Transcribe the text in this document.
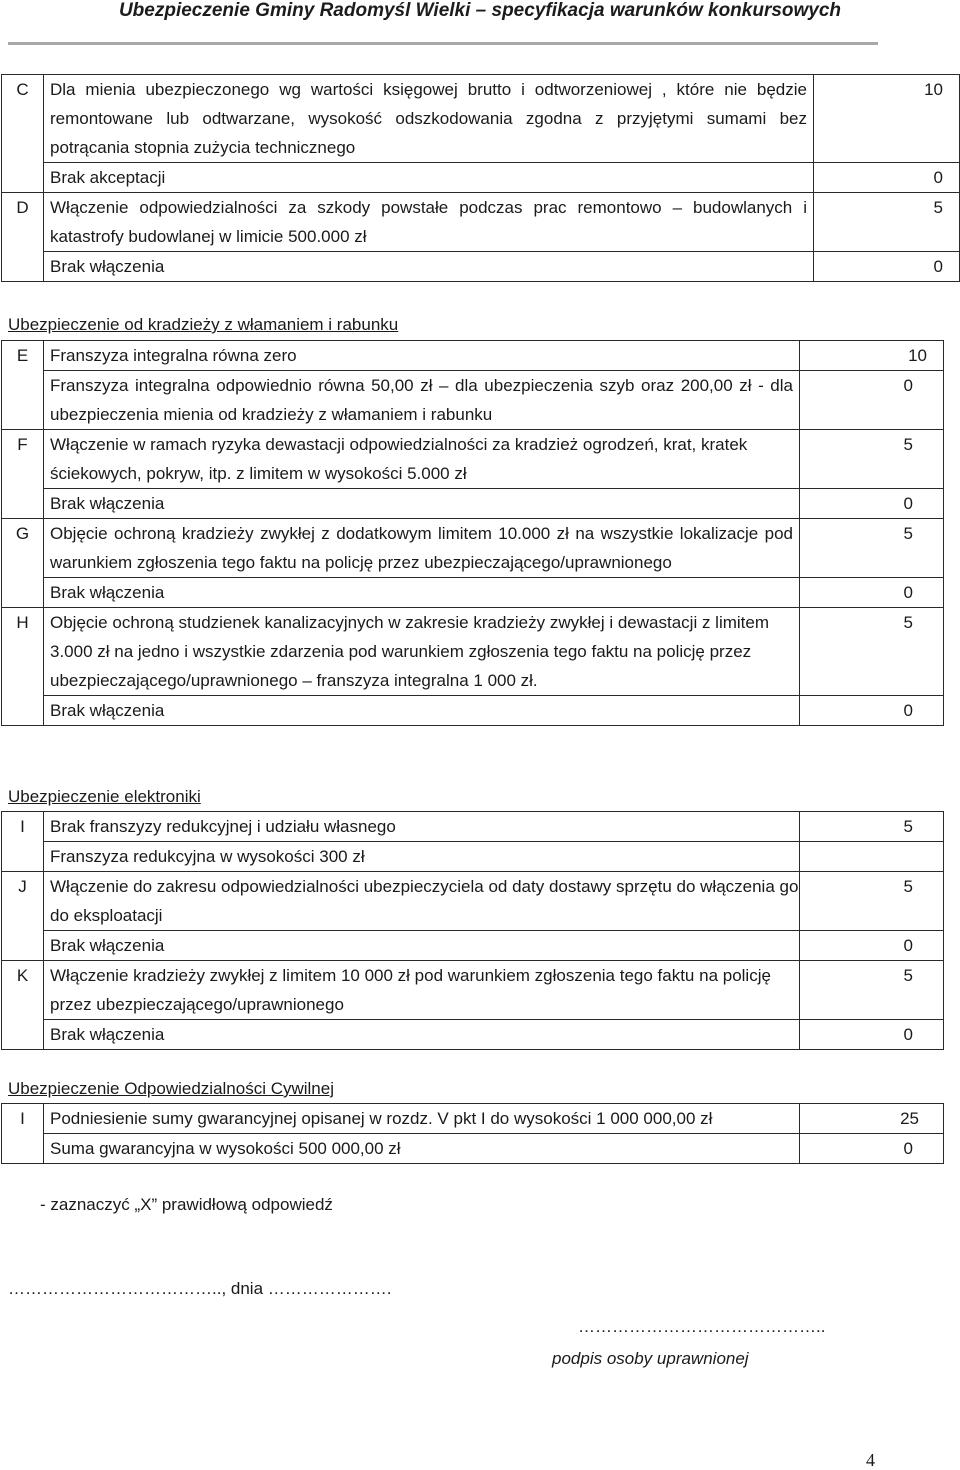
Ubezpieczenie Gminy Radomyśl Wielki – specyfikacja warunków konkursowych
C	Dla mienia ubezpieczonego wg wartości księgowej brutto i odtworzeniowej , które nie będzie remontowane lub odtwarzane, wysokość odszkodowania zgodna z przyjętymi sumami bez potrącania stopnia zużycia technicznego	10
	Brak akceptacji	0
D	Włączenie odpowiedzialności za szkody powstałe podczas prac remontowo – budowlanych i katastrofy budowlanej w limicie 500.000 zł	5
	Brak włączenia	0
Ubezpieczenie od kradzieży z włamaniem i rabunku
E	Franszyza integralna równa zero	10
	Franszyza integralna odpowiednio równa 50,00 zł – dla ubezpieczenia szyb oraz 200,00 zł - dla ubezpieczenia mienia od kradzieży z włamaniem i rabunku	0
F	Włączenie w ramach ryzyka dewastacji odpowiedzialności za kradzież ogrodzeń, krat, kratek ściekowych, pokryw, itp. z limitem w wysokości 5.000 zł	5
	Brak włączenia	0
G	Objęcie ochroną kradzieży zwykłej z dodatkowym limitem 10.000 zł na wszystkie lokalizacje pod warunkiem zgłoszenia tego faktu na policję przez ubezpieczającego/uprawnionego	5
	Brak włączenia	0
H	Objęcie ochroną studzienek kanalizacyjnych w zakresie kradzieży zwykłej i dewastacji z limitem 3.000 zł na jedno i wszystkie zdarzenia pod warunkiem zgłoszenia tego faktu na policję przez ubezpieczającego/uprawnionego – franszyza integralna 1 000 zł.	5
	Brak włączenia	0
Ubezpieczenie elektroniki
I	Brak franszyzy redukcyjnej i udziału własnego	5
	Franszyza redukcyjna w wysokości 300 zł	
J	Włączenie do zakresu odpowiedzialności ubezpieczyciela od daty dostawy sprzętu do włączenia go do eksploatacji	5
	Brak włączenia	0
K	Włączenie kradzieży zwykłej z limitem 10 000 zł pod warunkiem zgłoszenia tego faktu na policję przez ubezpieczającego/uprawnionego	5
	Brak włączenia	0
Ubezpieczenie Odpowiedzialności Cywilnej
I	Podniesienie sumy gwarancyjnej opisanej w rozdz. V pkt I do wysokości 1 000 000,00 zł	25
	Suma gwarancyjna w wysokości 500 000,00 zł	0
- zaznaczyć „X” prawidłową odpowiedź
……………………………….., dnia ………………….
……………………………………..
podpis osoby uprawnionej
4
